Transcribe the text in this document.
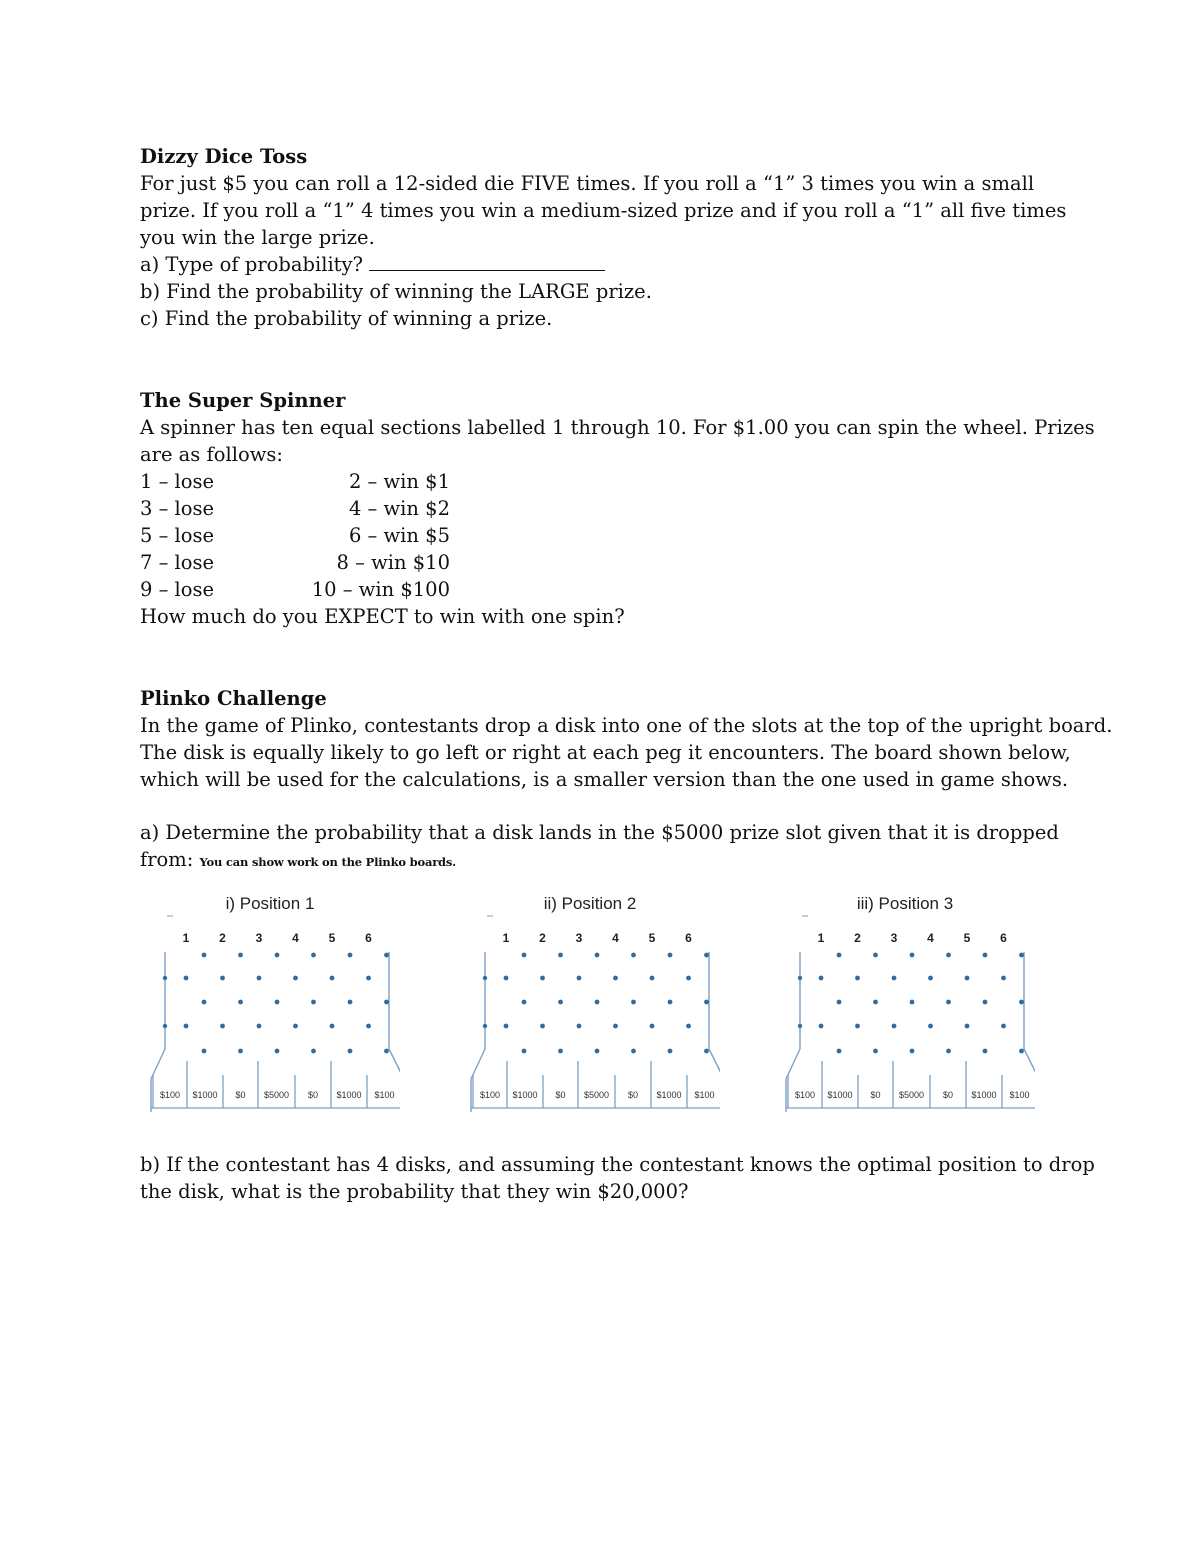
Dizzy Dice Toss

For just $5 you can roll a 12-sided die FIVE times. If you roll a “1” 3 times you win a small

prize. If you roll a “1” 4 times you win a medium-sized prize and if you roll a “1” all five times

you win the large prize.

a) Type of probability?

b) Find the probability of winning the LARGE prize.

c) Find the probability of winning a prize.

The Super Spinner

A spinner has ten equal sections labelled 1 through 10. For $1.00 you can spin the wheel. Prizes

are as follows:

1 – lose	2 – win $1
3 – lose	4 – win $2
5 – lose	6 – win $5
7 – lose	8 – win $10
9 – lose	10 – win $100

How much do you EXPECT to win with one spin?

Plinko Challenge

In the game of Plinko, contestants drop a disk into one of the slots at the top of the upright board.

The disk is equally likely to go left or right at each peg it encounters. The board shown below,

which will be used for the calculations, is a smaller version than the one used in game shows.

a) Determine the probability that a disk lands in the $5000 prize slot given that it is dropped

from: You can show work on the Plinko boards.

i) Position 1
1 2 3 4 5 6
$100 $1000 $0 $5000 $0 $1000 $100
ii) Position 2
1 2 3 4 5 6
$100 $1000 $0 $5000 $0 $1000 $100
iii) Position 3
1 2 3 4 5 6
$100 $1000 $0 $5000 $0 $1000 $100

b) If the contestant has 4 disks, and assuming the contestant knows the optimal position to drop

the disk, what is the probability that they win $20,000?
